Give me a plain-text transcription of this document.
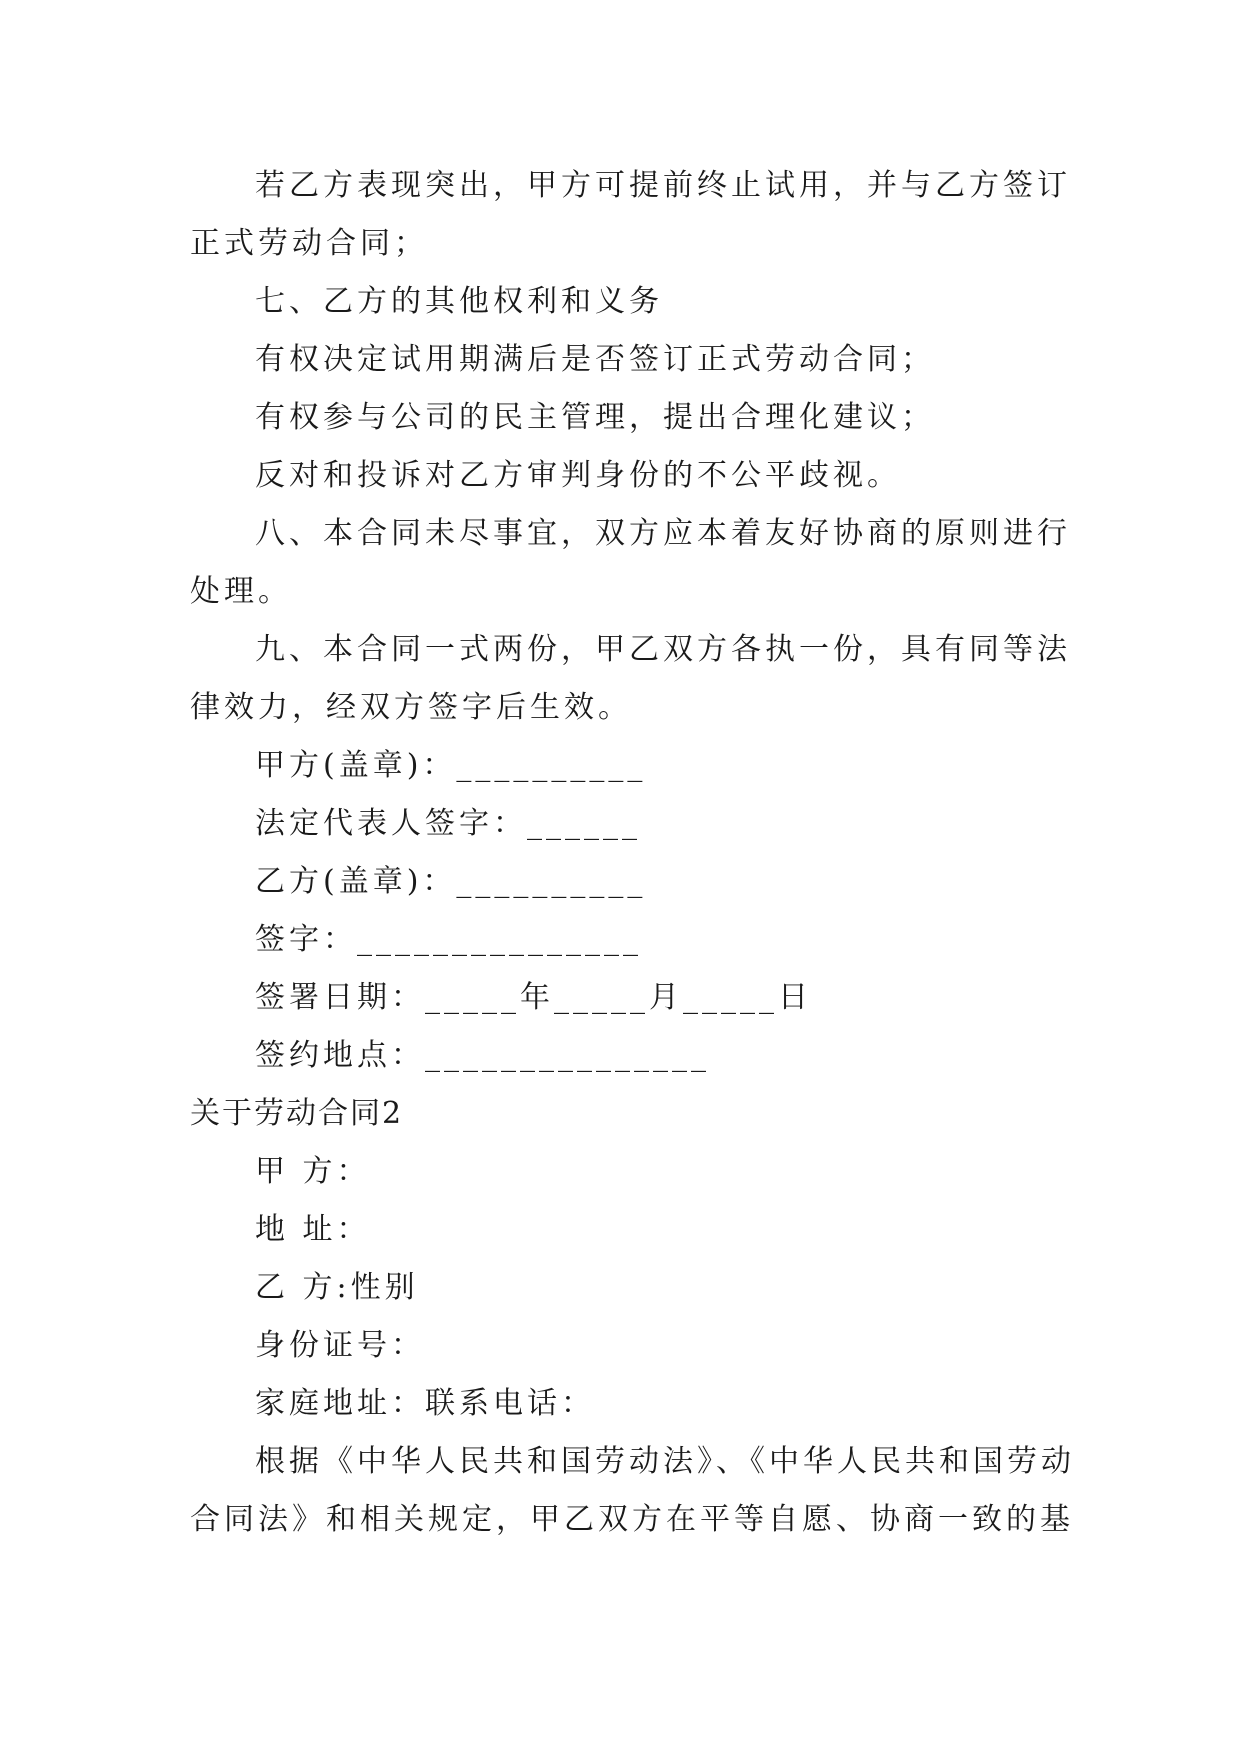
若乙方表现突出，甲方可提前终止试用，并与乙方签订
正式劳动合同；
七、乙方的其他权利和义务
有权决定试用期满后是否签订正式劳动合同；
有权参与公司的民主管理，提出合理化建议；
反对和投诉对乙方审判身份的不公平歧视。
八、本合同未尽事宜，双方应本着友好协商的原则进行
处理。
九、本合同一式两份，甲乙双方各执一份，具有同等法
律效力，经双方签字后生效。
甲方(盖章)：__________
法定代表人签字：______
乙方(盖章)：__________
签字：_______________
签署日期：_____年_____月_____日
签约地点：_______________
关于劳动合同2
甲 方：
地 址：
乙 方:性别
身份证号：
家庭地址：联系电话：
根据《中华人民共和国劳动法》、《中华人民共和国劳动
合同法》和相关规定，甲乙双方在平等自愿、协商一致的基
